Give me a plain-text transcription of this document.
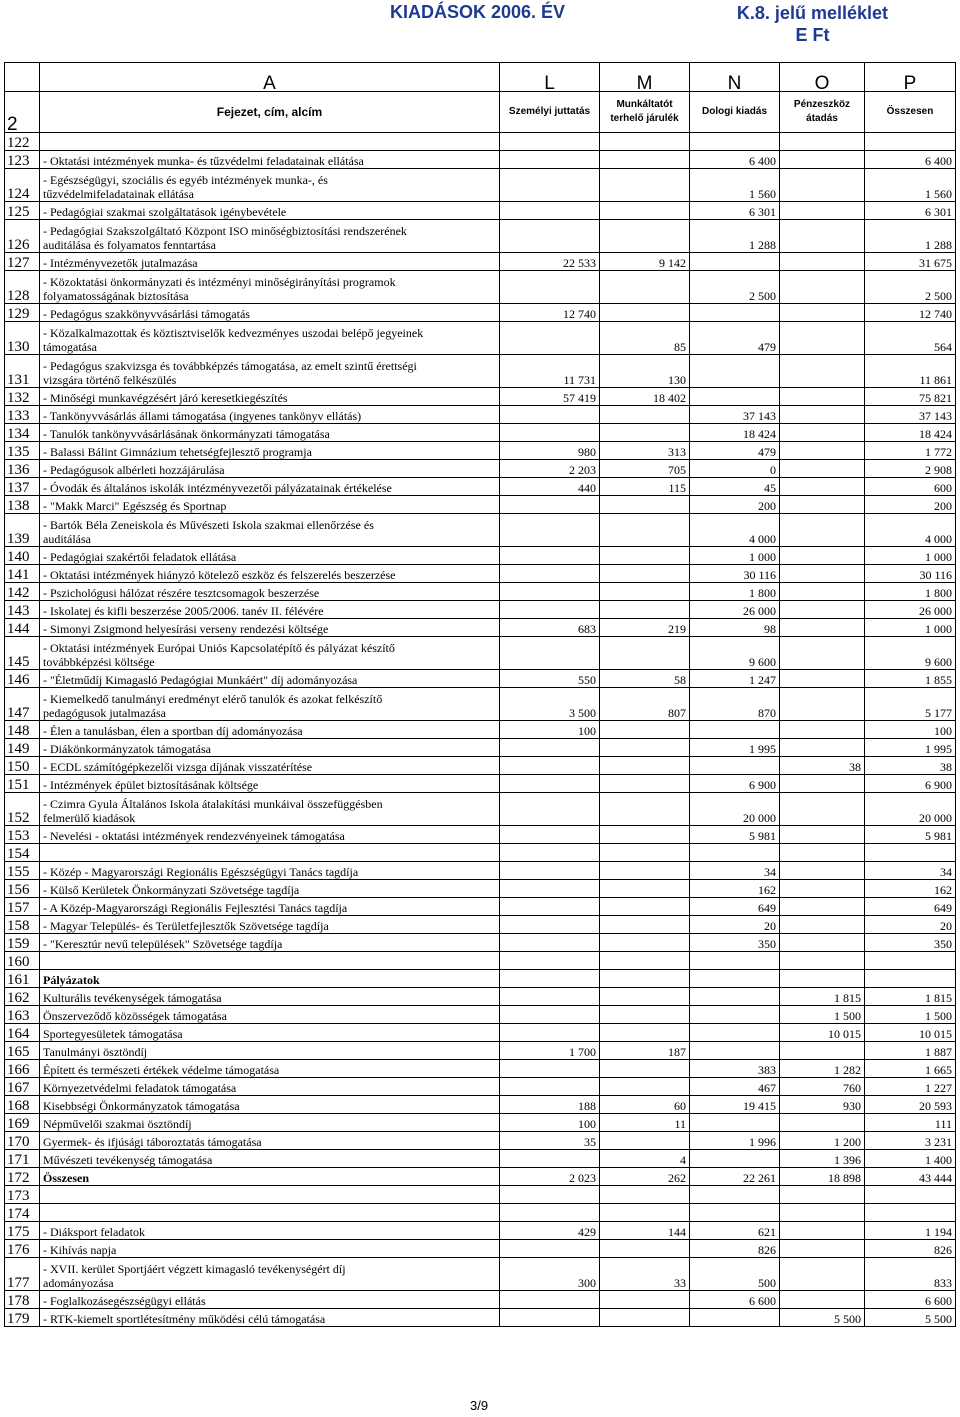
KIADÁSOK 2006. ÉV	K.8. jelű melléklet
E Ft
	A	L	M	N	O	P
2	Fejezet, cím, alcím	Személyi juttatás	Munkáltatót terhelő járulék	Dologi kiadás	Pénzeszköz átadás	Összesen
122						
123	- Oktatási intézmények munka- és tűzvédelmi feladatainak ellátása			6 400		6 400
124	- Egészségügyi, szociális és egyéb intézmények munka-, és
tűzvédelmifeladatainak ellátása			1 560		1 560
125	- Pedagógiai szakmai szolgáltatások igénybevétele			6 301		6 301
126	- Pedagógiai Szakszolgáltató Központ ISO minőségbiztosítási rendszerének
auditálása és folyamatos fenntartása			1 288		1 288
127	- Intézményvezetők jutalmazása	22 533	9 142			31 675
128	- Közoktatási önkormányzati és intézményi minőségirányítási programok
folyamatosságának biztosítása			2 500		2 500
129	- Pedagógus szakkönyvvásárlási támogatás	12 740				12 740
130	- Közalkalmazottak és köztisztviselők kedvezményes uszodai belépő jegyeinek
támogatása		85	479		564
131	- Pedagógus szakvizsga és továbbképzés támogatása, az emelt szintű érettségi
vizsgára történő felkészülés	11 731	130			11 861
132	- Minőségi munkavégzésért járó keresetkiegészítés	57 419	18 402			75 821
133	- Tankönyvvásárlás állami támogatása (ingyenes tankönyv ellátás)			37 143		37 143
134	- Tanulók tankönyvvásárlásának önkormányzati támogatása			18 424		18 424
135	- Balassi Bálint Gimnázium tehetségfejlesztő programja	980	313	479		1 772
136	- Pedagógusok albérleti hozzájárulása	2 203	705	0		2 908
137	- Óvodák és általános iskolák intézményvezetői pályázatainak értékelése	440	115	45		600
138	- "Makk Marci" Egészség és Sportnap			200		200
139	- Bartók Béla Zeneiskola és Művészeti Iskola szakmai ellenőrzése és
auditálása			4 000		4 000
140	- Pedagógiai szakértői feladatok ellátása			1 000		1 000
141	- Oktatási intézmények hiányzó kötelező eszköz és felszerelés beszerzése			30 116		30 116
142	- Pszichológusi hálózat részére tesztcsomagok beszerzése			1 800		1 800
143	- Iskolatej és kifli beszerzése 2005/2006. tanév II. félévére			26 000		26 000
144	- Simonyi Zsigmond helyesírási verseny rendezési költsége	683	219	98		1 000
145	- Oktatási intézmények Európai Uniós Kapcsolatépítő és pályázat készítő
továbbképzési költsége			9 600		9 600
146	- "Életműdíj Kimagasló Pedagógiai Munkáért" díj adományozása	550	58	1 247		1 855
147	- Kiemelkedő tanulmányi eredményt elérő tanulók és azokat felkészítő
pedagógusok jutalmazása	3 500	807	870		5 177
148	- Élen a tanulásban, élen a sportban díj adományozása	100				100
149	- Diákönkormányzatok támogatása			1 995		1 995
150	- ECDL számítógépkezelői vizsga díjának visszatérítése				38	38
151	- Intézmények épület biztosításának költsége			6 900		6 900
152	- Czimra Gyula Általános Iskola átalakítási munkáival összefüggésben
felmerülő kiadások			20 000		20 000
153	- Nevelési - oktatási intézmények rendezvényeinek támogatása			5 981		5 981
154						
155	- Közép - Magyarországi Regionális Egészségügyi Tanács tagdíja			34		34
156	- Külső Kerületek Önkormányzati Szövetsége tagdíja			162		162
157	- A Közép-Magyarországi Regionális Fejlesztési Tanács tagdíja			649		649
158	- Magyar Település- és Területfejlesztők Szövetsége tagdíja			20		20
159	- "Keresztúr nevű települések" Szövetsége tagdíja			350		350
160						
161	Pályázatok					
162	Kulturális tevékenységek támogatása				1 815	1 815
163	Önszerveződő közösségek támogatása				1 500	1 500
164	Sportegyesületek támogatása				10 015	10 015
165	Tanulmányi ösztöndíj	1 700	187			1 887
166	Épített és természeti értékek védelme támogatása			383	1 282	1 665
167	Környezetvédelmi feladatok támogatása			467	760	1 227
168	Kisebbségi Önkormányzatok támogatása	188	60	19 415	930	20 593
169	Népművelői szakmai ösztöndíj	100	11			111
170	Gyermek- és ifjúsági táboroztatás támogatása	35		1 996	1 200	3 231
171	Művészeti tevékenység támogatása		4		1 396	1 400
172	Összesen	2 023	262	22 261	18 898	43 444
173						
174						
175	- Diáksport feladatok	429	144	621		1 194
176	- Kihívás napja			826		826
177	- XVII. kerület Sportjáért végzett kimagasló tevékenységért díj
adományozása	300	33	500		833
178	- Foglalkozásegészségügyi ellátás			6 600		6 600
179	- RTK-kiemelt sportlétesítmény működési célú támogatása				5 500	5 500
3/9
